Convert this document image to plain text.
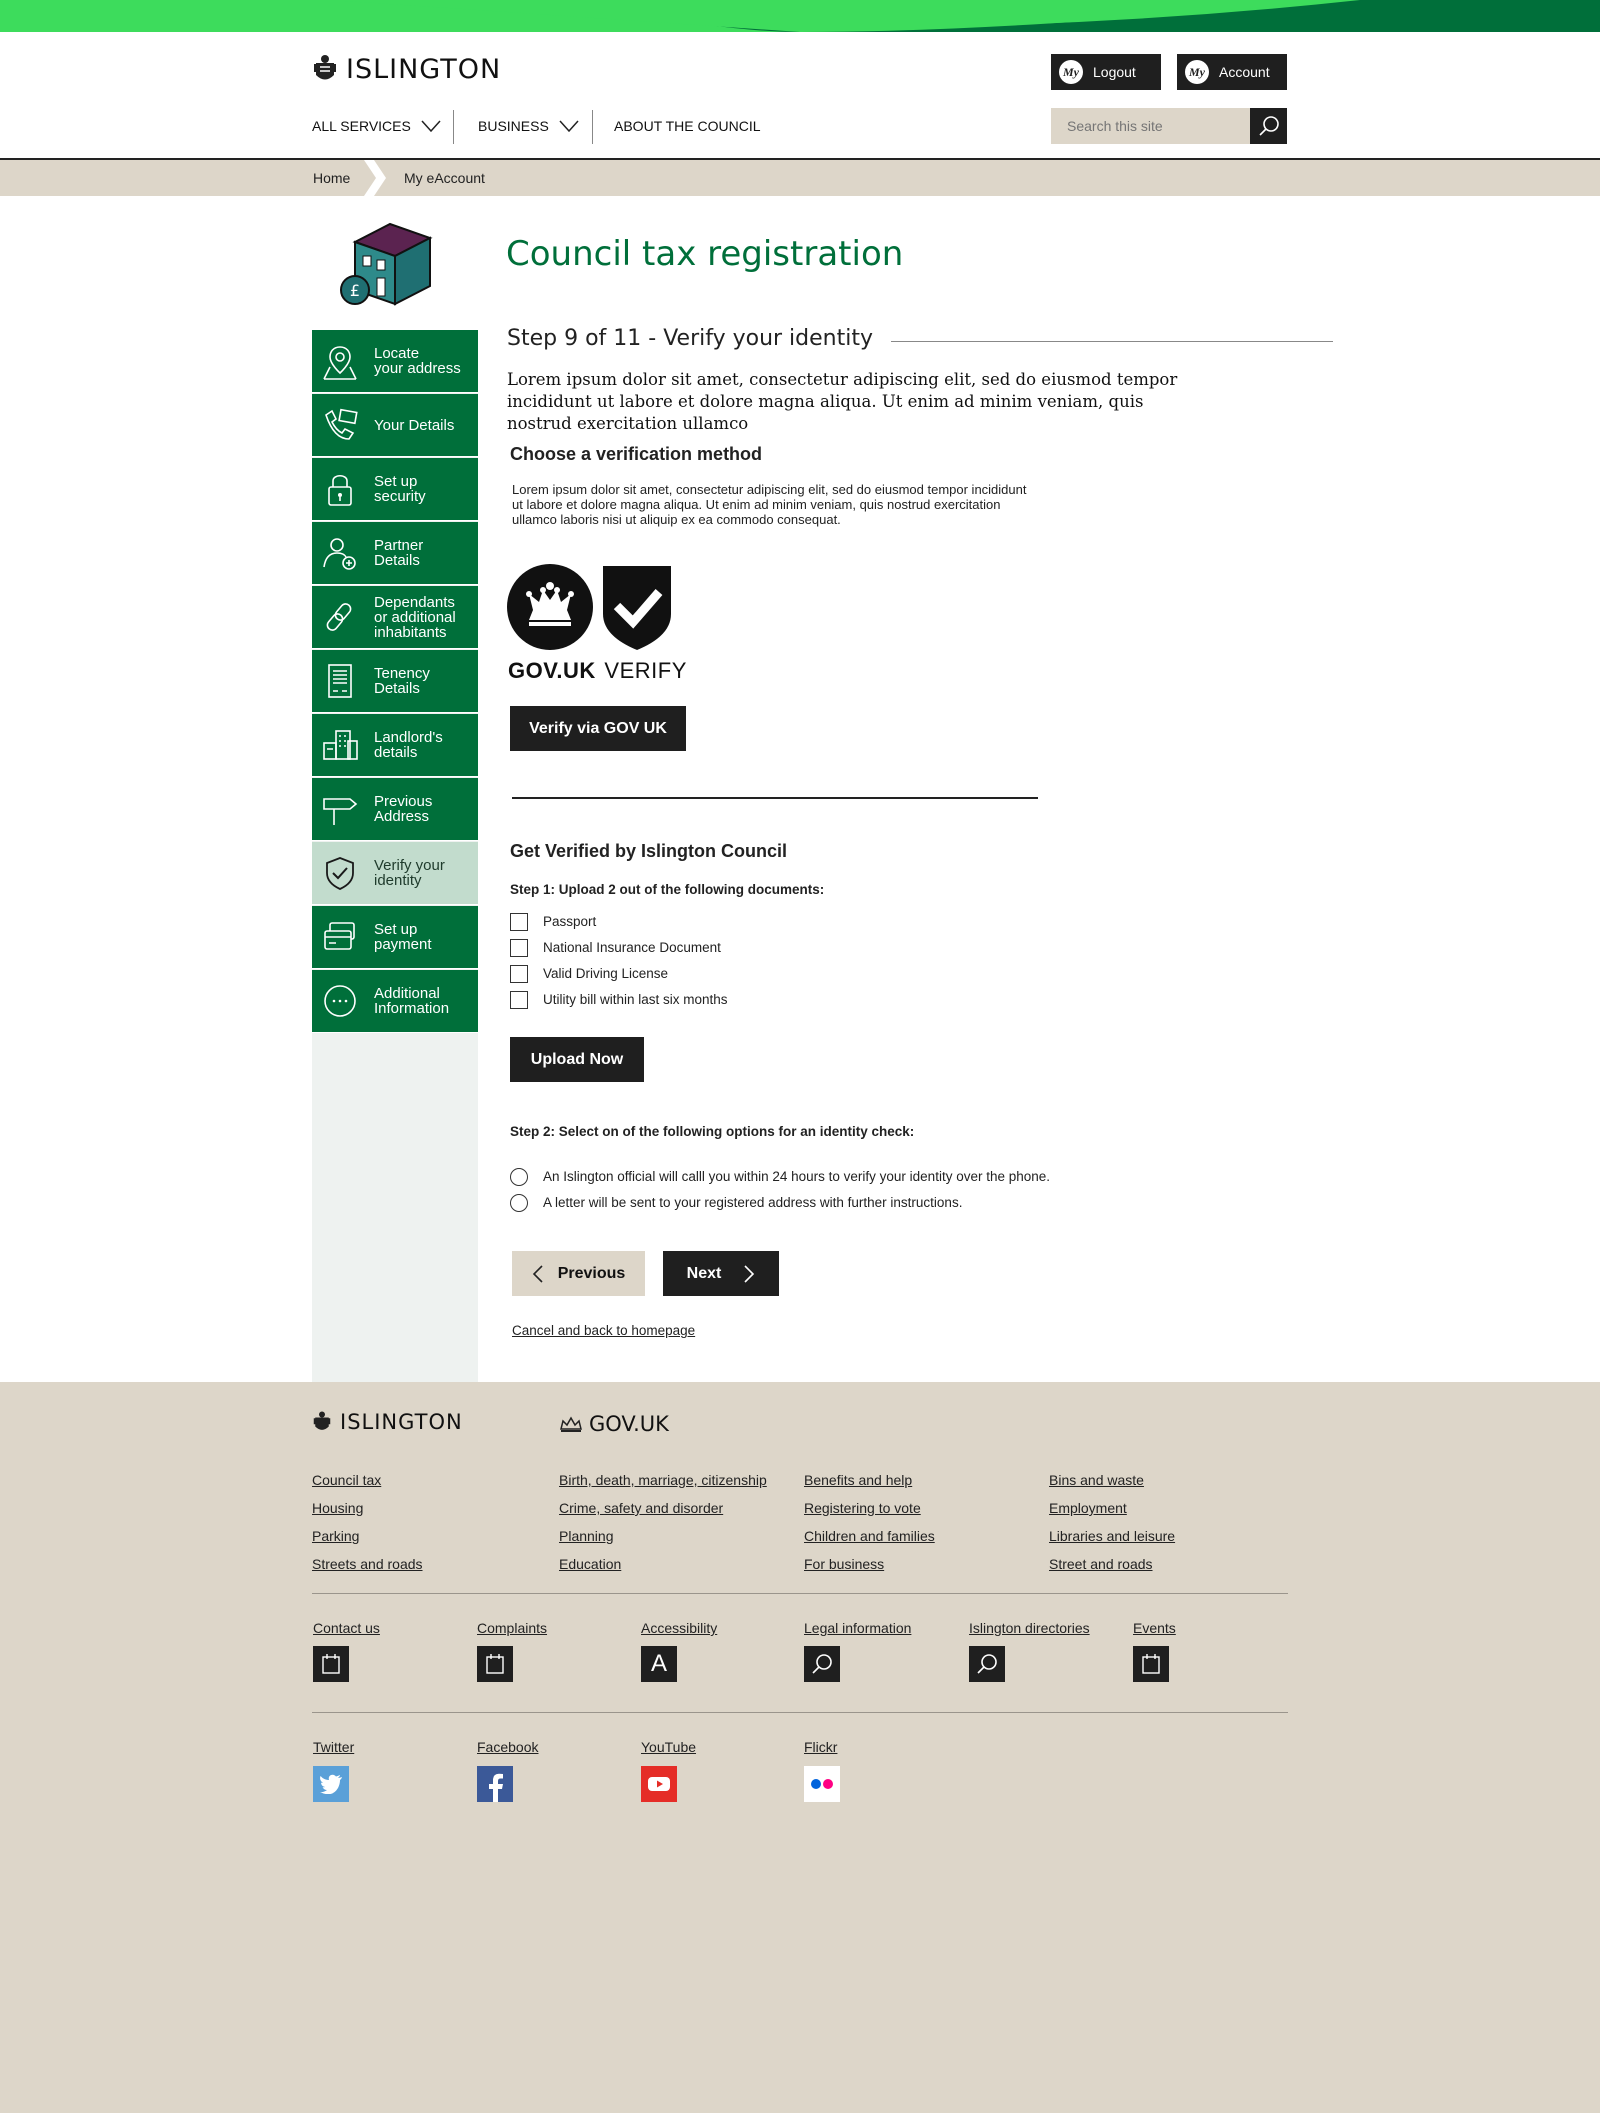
ISLINGTON	My Logout	My Account
ALL SERVICES	BUSINESS	ABOUT THE COUNCIL
Search this site
Home	My eAccount
£
Council tax registration
Step 9 of 11 - Verify your identity

Lorem ipsum dolor sit amet, consectetur adipiscing elit, sed do eiusmod tempor incididunt ut labore et dolore magna aliqua. Ut enim ad minim veniam, quis nostrud exercitation ullamco

Locate
your address
Your Details
Set up
security
Partner
Details
Dependants
or additional
inhabitants
Tenency
Details
Landlord's
details
Previous
Address
Verify your
identity
Set up
payment
Additional
Information
Choose a verification method

Lorem ipsum dolor sit amet, consectetur adipiscing elit, sed do eiusmod tempor incididunt ut labore et dolore magna aliqua. Ut enim ad minim veniam, quis nostrud exercitation ullamco laboris nisi ut aliquip ex ea commodo consequat.

GOV.UK VERIFY
Verify via GOV UK
Get Verified by Islington Council
Step 1: Upload 2 out of the following documents:
Passport
National Insurance Document
Valid Driving License
Utility bill within last six months
Upload Now
Step 2: Select on of the following options for an identity check:
An Islington official will calll you within 24 hours to verify your identity over the phone.
A letter will be sent to your registered address with further instructions.
Previous	Next
Cancel and back to homepage
ISLINGTON	GOV.UK
Council tax
Housing
Parking
Streets and roads
Birth, death, marriage, citizenship
Crime, safety and disorder
Planning
Education
Benefits and help
Registering to vote
Children and families
For business
Bins and waste
Employment
Libraries and leisure
Street and roads
Contact us	Complaints	Accessibility
A
Legal information	Islington directories	Events
Twitter	Facebook	YouTube	Flickr
